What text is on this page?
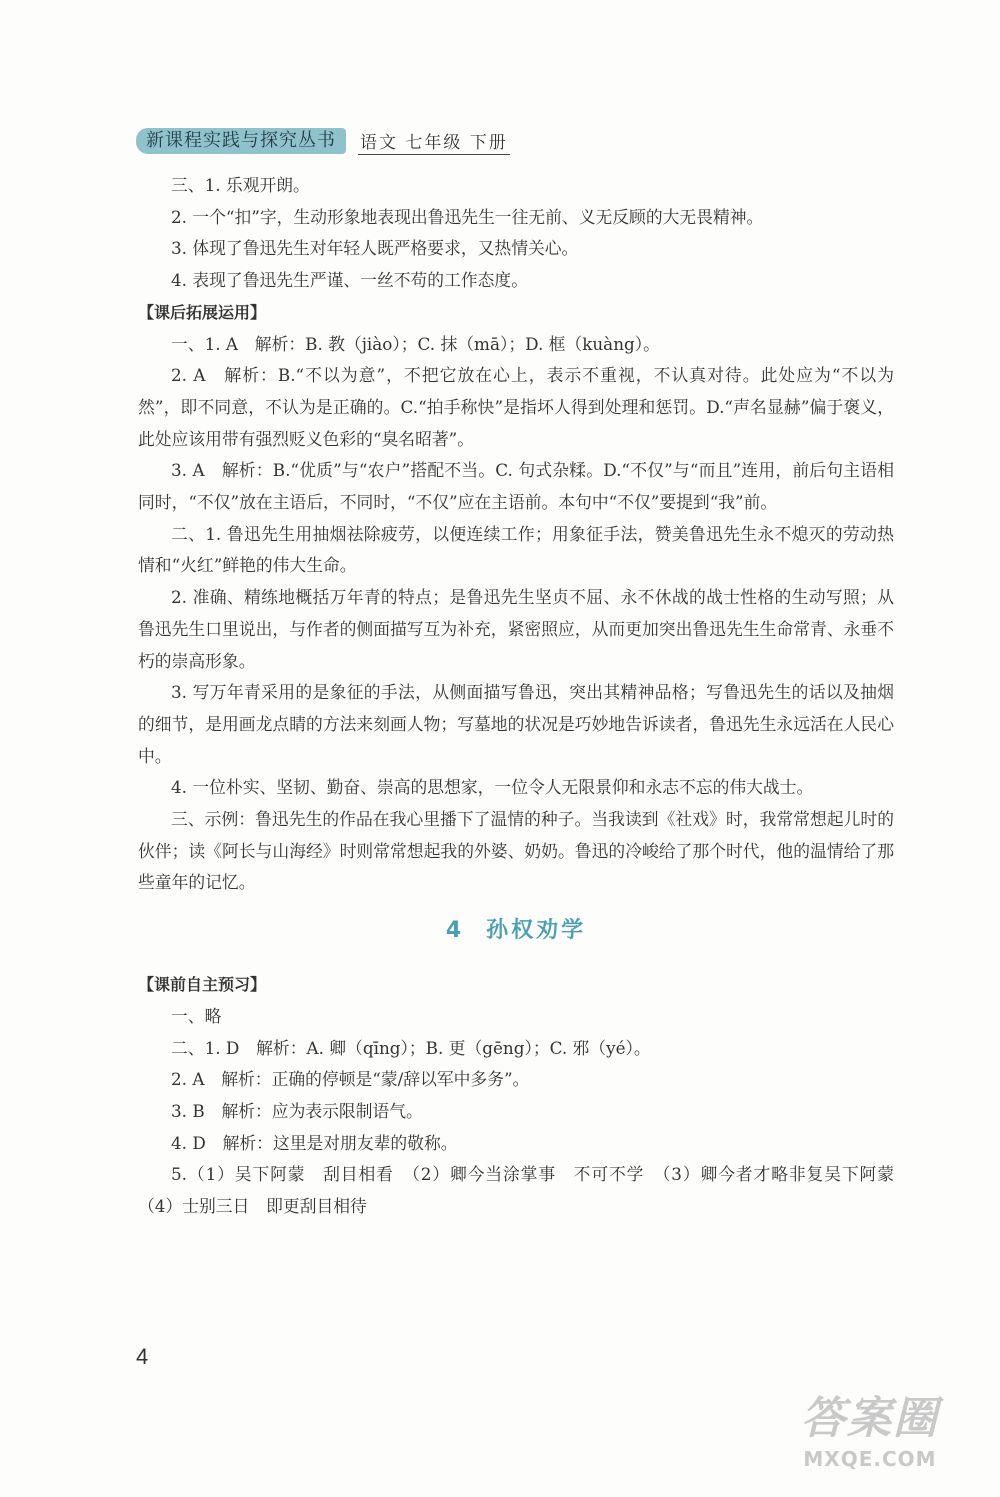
新课程实践与探究丛书	语文 七年级 下册

三、1. 乐观开朗。

2. 一个“扣”字，生动形象地表现出鲁迅先生一往无前、义无反顾的大无畏精神。

3. 体现了鲁迅先生对年轻人既严格要求，又热情关心。

4. 表现了鲁迅先生严谨、一丝不苟的工作态度。

【课后拓展运用】

一、1. A　解析：B. 教（jiào）；C. 抹（mā）；D. 框（kuàng）。

2. A　解析：B.“不以为意”，不把它放在心上，表示不重视，不认真对待。此处应为“不以为然”，即不同意，不认为是正确的。C.“拍手称快”是指坏人得到处理和惩罚。D.“声名显赫”偏于褒义，此处应该用带有强烈贬义色彩的“臭名昭著”。

3. A　解析：B.“优质”与“农户”搭配不当。C. 句式杂糅。D.“不仅”与“而且”连用，前后句主语相同时，“不仅”放在主语后，不同时，“不仅”应在主语前。本句中“不仅”要提到“我”前。

二、1. 鲁迅先生用抽烟祛除疲劳，以便连续工作；用象征手法，赞美鲁迅先生永不熄灭的劳动热情和“火红”鲜艳的伟大生命。

2. 准确、精练地概括万年青的特点；是鲁迅先生坚贞不屈、永不休战的战士性格的生动写照；从鲁迅先生口里说出，与作者的侧面描写互为补充，紧密照应，从而更加突出鲁迅先生生命常青、永垂不朽的崇高形象。

3. 写万年青采用的是象征的手法，从侧面描写鲁迅，突出其精神品格；写鲁迅先生的话以及抽烟的细节，是用画龙点睛的方法来刻画人物；写墓地的状况是巧妙地告诉读者，鲁迅先生永远活在人民心中。

4. 一位朴实、坚韧、勤奋、崇高的思想家，一位令人无限景仰和永志不忘的伟大战士。

三、示例：鲁迅先生的作品在我心里播下了温情的种子。当我读到《社戏》时，我常常想起儿时的伙伴；读《阿长与山海经》时则常常想起我的外婆、奶奶。鲁迅的冷峻给了那个时代，他的温情给了那些童年的记忆。

4 孙权劝学

【课前自主预习】

一、略

二、1. D　解析：A. 卿（qīng）；B. 更（gēng）；C. 邪（yé）。

2. A　解析：正确的停顿是“蒙/辞以军中多务”。

3. B　解析：应为表示限制语气。

4. D　解析：这里是对朋友辈的敬称。

5.（1）吴下阿蒙　刮目相看　（2）卿今当涂掌事　不可不学　（3）卿今者才略非复吴下阿蒙　（4）士别三日　即更刮目相待

4
答案圈
MXQE.COM
